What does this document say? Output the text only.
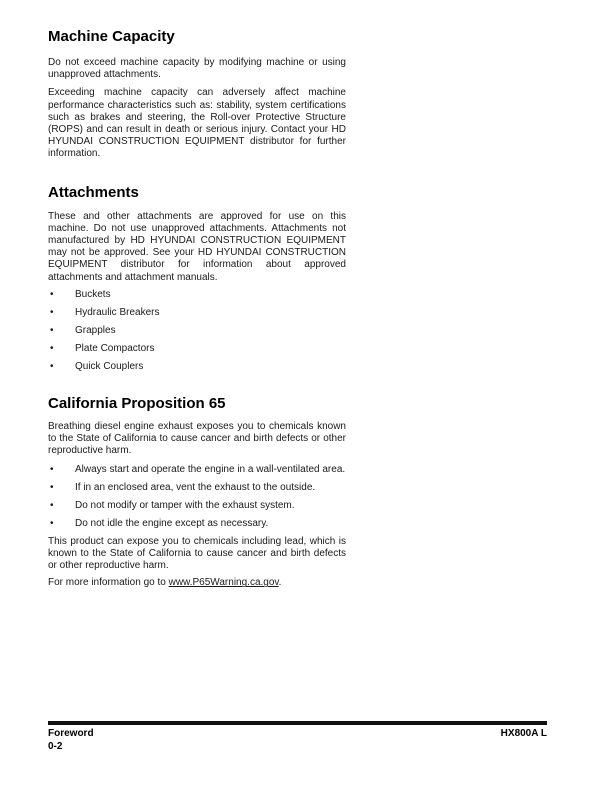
Machine Capacity

Do not exceed machine capacity by modifying machine or using unapproved attachments.

Exceeding machine capacity can adversely affect machine performance characteristics such as: stability, system certifications such as brakes and steering, the Roll-over Protective Structure (ROPS) and can result in death or serious injury. Contact your HD HYUNDAI CONSTRUCTION EQUIPMENT distributor for further information.

Attachments

These and other attachments are approved for use on this machine. Do not use unapproved attachments. Attachments not manufactured by HD HYUNDAI CONSTRUCTION EQUIPMENT may not be approved. See your HD HYUNDAI CONSTRUCTION EQUIPMENT distributor for information about approved attachments and attachment manuals.

•	Buckets
•	Hydraulic Breakers
•	Grapples
•	Plate Compactors
•	Quick Couplers
California Proposition 65

Breathing diesel engine exhaust exposes you to chemicals known to the State of California to cause cancer and birth defects or other reproductive harm.

•	Always start and operate the engine in a wall-ventilated area.
•	If in an enclosed area, vent the exhaust to the outside.
•	Do not modify or tamper with the exhaust system.
•	Do not idle the engine except as necessary.

This product can expose you to chemicals including lead, which is known to the State of California to cause cancer and birth defects or other reproductive harm.

For more information go to www.P65Warning.ca.gov.

Foreword
0-2
HX800A L
